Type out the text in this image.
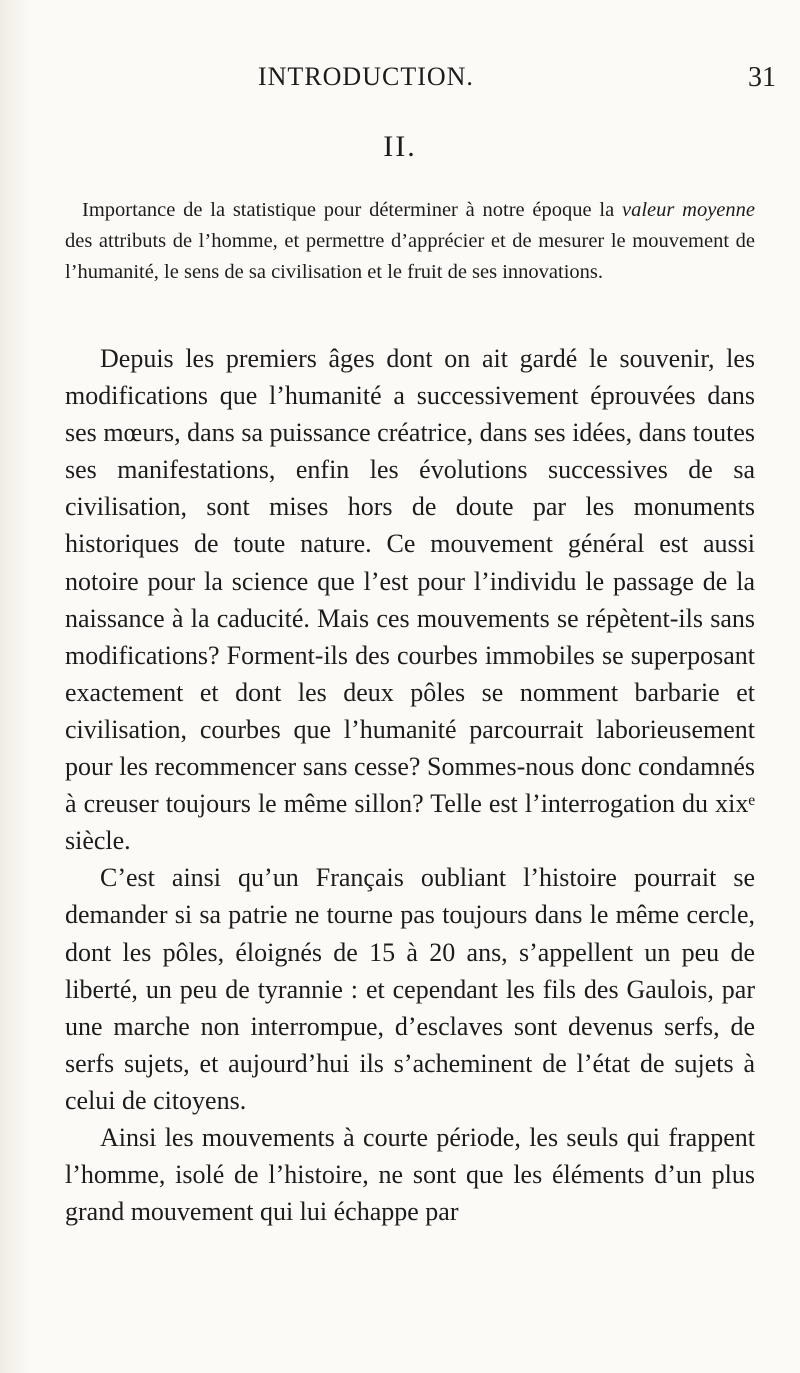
INTRODUCTION.	31
II.

Importance de la statistique pour déterminer à notre époque la valeur moyenne des attributs de l’homme, et permettre d’apprécier et de mesurer le mouvement de l’humanité, le sens de sa civilisation et le fruit de ses innovations.

Depuis les premiers âges dont on ait gardé le souvenir, les modifications que l’humanité a successivement éprouvées dans ses mœurs, dans sa puissance créatrice, dans ses idées, dans toutes ses manifestations, enfin les évolutions successives de sa civilisation, sont mises hors de doute par les monuments historiques de toute nature. Ce mouvement général est aussi notoire pour la science que l’est pour l’individu le passage de la naissance à la caducité. Mais ces mouvements se répètent-ils sans modifications? Forment-ils des courbes immobiles se superposant exactement et dont les deux pôles se nomment barbarie et civilisation, courbes que l’humanité parcourrait laborieusement pour les recommencer sans cesse? Sommes-nous donc condamnés à creuser toujours le même sillon? Telle est l’interrogation du xixᵉ siècle.

C’est ainsi qu’un Français oubliant l’histoire pourrait se demander si sa patrie ne tourne pas toujours dans le même cercle, dont les pôles, éloignés de 15 à 20 ans, s’appellent un peu de liberté, un peu de tyrannie : et cependant les fils des Gaulois, par une marche non interrompue, d’esclaves sont devenus serfs, de serfs sujets, et aujourd’hui ils s’acheminent de l’état de sujets à celui de citoyens.

Ainsi les mouvements à courte période, les seuls qui frappent l’homme, isolé de l’histoire, ne sont que les éléments d’un plus grand mouvement qui lui échappe par
